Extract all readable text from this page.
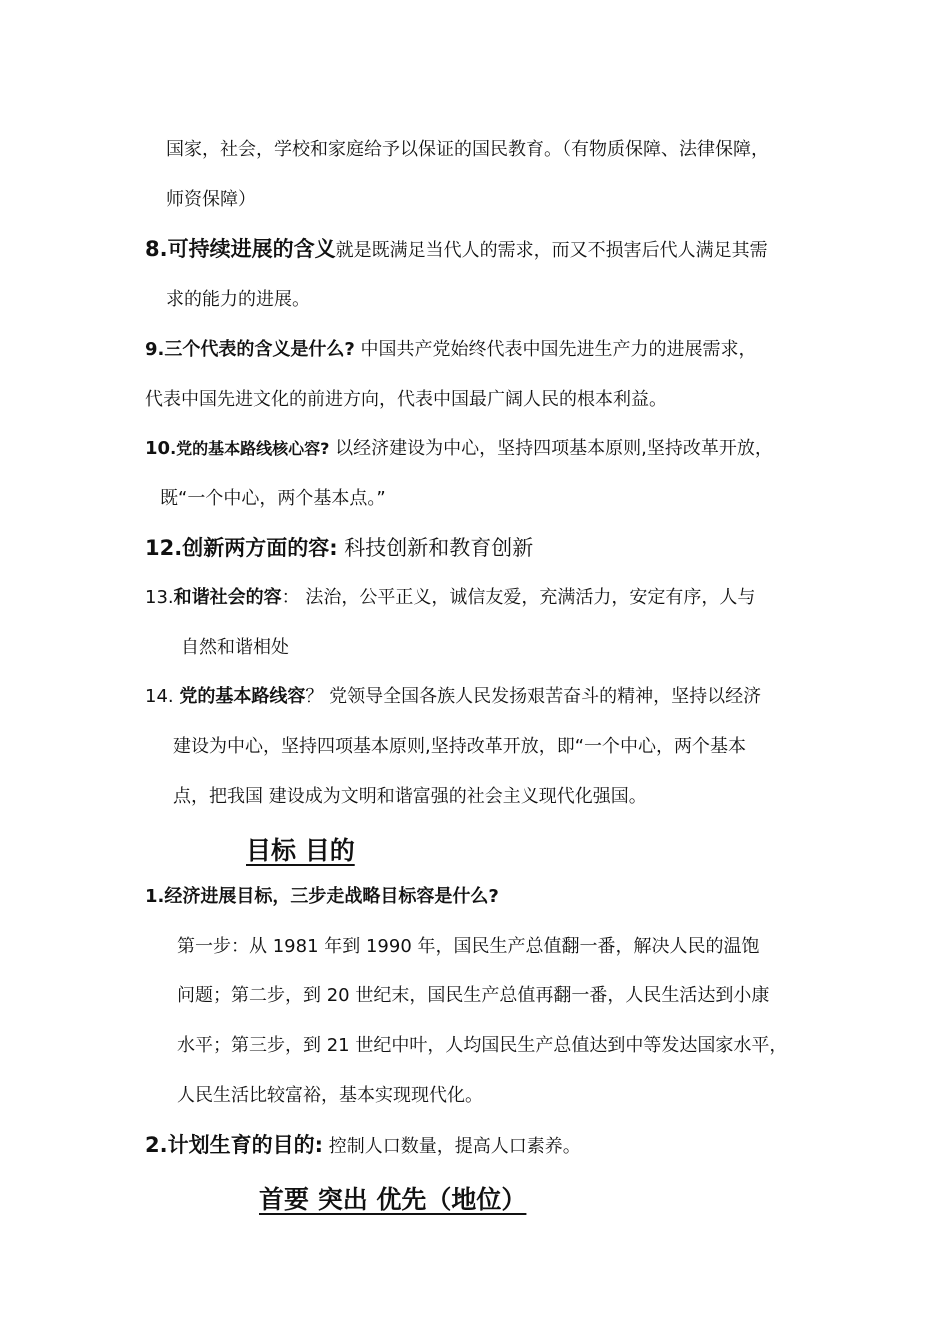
国家，社会，学校和家庭给予以保证的国民教育。（有物质保障、法律保障，
师资保障）
8.可持续进展的含义就是既满足当代人的需求，而又不损害后代人满足其需
求的能力的进展。
9.三个代表的含义是什么? 中国共产党始终代表中国先进生产力的进展需求，
代表中国先进文化的前进方向，代表中国最广阔人民的根本利益。
10.党的基本路线核心容? 以经济建设为中心，坚持四项基本原则,坚持改革开放，
既“一个中心，两个基本点。”
12.创新两方面的容: 科技创新和教育创新
13.和谐社会的容： 法治，公平正义，诚信友爱，充满活力，安定有序，人与
自然和谐相处
14. 党的基本路线容？ 党领导全国各族人民发扬艰苦奋斗的精神，坚持以经济
建设为中心，坚持四项基本原则,坚持改革开放，即“一个中心，两个基本
点，把我国 建设成为文明和谐富强的社会主义现代化强国。
目标 目的
1.经济进展目标，三步走战略目标容是什么?
第一步：从 1981 年到 1990 年，国民生产总值翻一番，解决人民的温饱
问题；第二步，到 20 世纪末，国民生产总值再翻一番，人民生活达到小康
水平；第三步，到 21 世纪中叶，人均国民生产总值达到中等发达国家水平，
人民生活比较富裕，基本实现现代化。
2.计划生育的目的: 控制人口数量，提高人口素养。
首要 突出 优先（地位）
